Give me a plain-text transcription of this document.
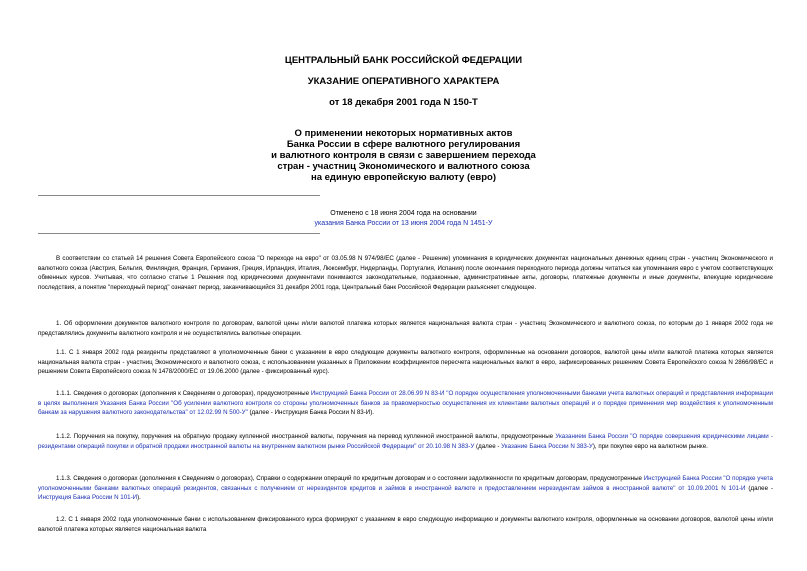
ЦЕНТРАЛЬНЫЙ БАНК РОССИЙСКОЙ ФЕДЕРАЦИИ
УКАЗАНИЕ ОПЕРАТИВНОГО ХАРАКТЕРА
от 18 декабря 2001 года N 150-Т
О применении некоторых нормативных актов
Банка России в сфере валютного регулирования
и валютного контроля в связи с завершением перехода
стран - участниц Экономического и валютного союза
на единую европейскую валюту (евро)
Отменено с 18 июня 2004 года на основании
указания Банка России от 13 июня 2004 года N 1451-У

В соответствии со статьей 14 решения Совета Европейского союза "О переходе на евро" от 03.05.98 N 974/98/ЕС (далее - Решение) упоминания в юридических документах национальных денежных единиц стран - участниц Экономического и валютного союза (Австрия, Бельгия, Финляндия, Франция, Германия, Греция, Ирландия, Италия, Люксембург, Нидерланды, Португалия, Испания) после окончания переходного периода должны читаться как упоминания евро с учетом соответствующих обменных курсов. Учитывая, что согласно статье 1 Решения под юридическими документами понимаются законодательные, подзаконные, административные акты, договоры, платежные документы и иные документы, влекущие юридические последствия, а понятие "переходный период" означает период, заканчивающийся 31 декабря 2001 года, Центральный банк Российской Федерации разъясняет следующее.

1. Об оформлении документов валютного контроля по договорам, валютой цены и/или валютой платежа которых является национальная валюта стран - участниц Экономического и валютного союза, по которым до 1 января 2002 года не представлялись документы валютного контроля и не осуществлялись валютные операции.

1.1. С 1 января 2002 года резиденты представляют в уполномоченные банки с указанием в евро следующие документы валютного контроля, оформленные на основании договоров, валютой цены и/или валютой платежа которых является национальная валюта стран - участниц Экономического и валютного союза, с использованием указанных в Приложении коэффициентов пересчета национальных валют в евро, зафиксированных решением Совета Европейского союза N 2866/98/ЕС и решением Совета Европейского союза N 1478/2000/ЕС от 19.06.2000 (далее - фиксированный курс).

1.1.1. Сведения о договорах (дополнения к Сведениям о договорах), предусмотренные Инструкцией Банка России от 28.06.99 N 83-И "О порядке осуществления уполномоченными банками учета валютных операций и представления информации в целях выполнения Указания Банка России "Об усилении валютного контроля со стороны уполномоченных банков за правомерностью осуществления их клиентами валютных операций и о порядке применения мер воздействия к уполномоченным банкам за нарушения валютного законодательства" от 12.02.99 N 500-У" (далее - Инструкция Банка России N 83-И).

1.1.2. Поручения на покупку, поручения на обратную продажу купленной иностранной валюты, поручения на перевод купленной иностранной валюты, предусмотренные Указанием Банка России "О порядке совершения юридическими лицами - резидентами операций покупки и обратной продажи иностранной валюты на внутреннем валютном рынке Российской Федерации" от 20.10.98 N 383-У (далее - Указание Банка России N 383-У), при покупке евро на валютном рынке.

1.1.3. Сведения о договорах (дополнения к Сведениям о договорах), Справки о содержании операций по кредитным договорам и о состоянии задолженности по кредитным договорам, предусмотренные Инструкцией Банка России "О порядке учета уполномоченными банками валютных операций резидентов, связанных с получением от нерезидентов кредитов и займов в иностранной валюте и предоставлением нерезидентам займов в иностранной валюте" от 10.09.2001 N 101-И (далее - Инструкция Банка России N 101-И).

1.2. С 1 января 2002 года уполномоченные банки с использованием фиксированного курса формируют с указанием в евро следующую информацию и документы валютного контроля, оформленные на основании договоров, валютой цены и/или валютой платежа которых является национальная валюта
